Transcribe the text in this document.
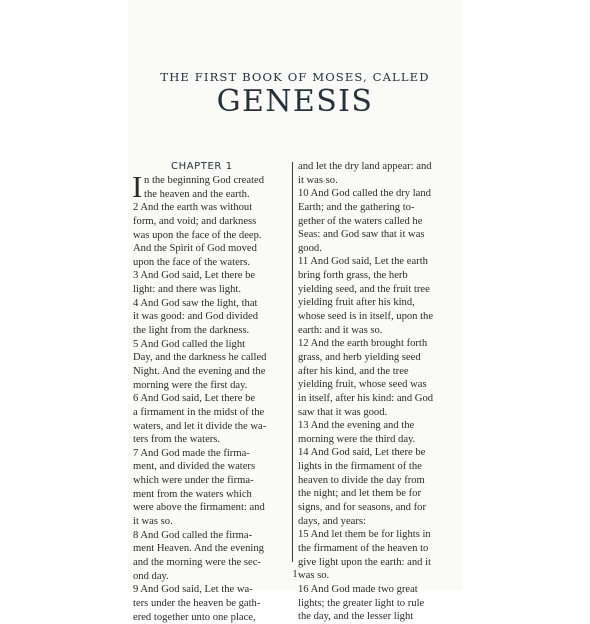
THE FIRST BOOK OF MOSES, CALLED
GENESIS
CHAPTER 1
I n the beginning God created
the heaven and the earth.
2 And the earth was without
form, and void; and darkness
was upon the face of the deep.
And the Spirit of God moved
upon the face of the waters.
3 And God said, Let there be
light: and there was light.
4 And God saw the light, that
it was good: and God divided
the light from the darkness.
5 And God called the light
Day, and the darkness he called
Night. And the evening and the
morning were the first day.
6 And God said, Let there be
a firmament in the midst of the
waters, and let it divide the wa-
ters from the waters.
7 And God made the firma-
ment, and divided the waters
which were under the firma-
ment from the waters which
were above the firmament: and
it was so.
8 And God called the firma-
ment Heaven. And the evening
and the morning were the sec-
ond day.
9 And God said, Let the wa-
ters under the heaven be gath-
ered together unto one place,
and let the dry land appear: and
it was so.
10 And God called the dry land
Earth; and the gathering to-
gether of the waters called he
Seas: and God saw that it was
good.
11 And God said, Let the earth
bring forth grass, the herb
yielding seed, and the fruit tree
yielding fruit after his kind,
whose seed is in itself, upon the
earth: and it was so.
12 And the earth brought forth
grass, and herb yielding seed
after his kind, and the tree
yielding fruit, whose seed was
in itself, after his kind: and God
saw that it was good.
13 And the evening and the
morning were the third day.
14 And God said, Let there be
lights in the firmament of the
heaven to divide the day from
the night; and let them be for
signs, and for seasons, and for
days, and years:
15 And let them be for lights in
the firmament of the heaven to
give light upon the earth: and it
was so.
16 And God made two great
lights; the greater light to rule
the day, and the lesser light
1
